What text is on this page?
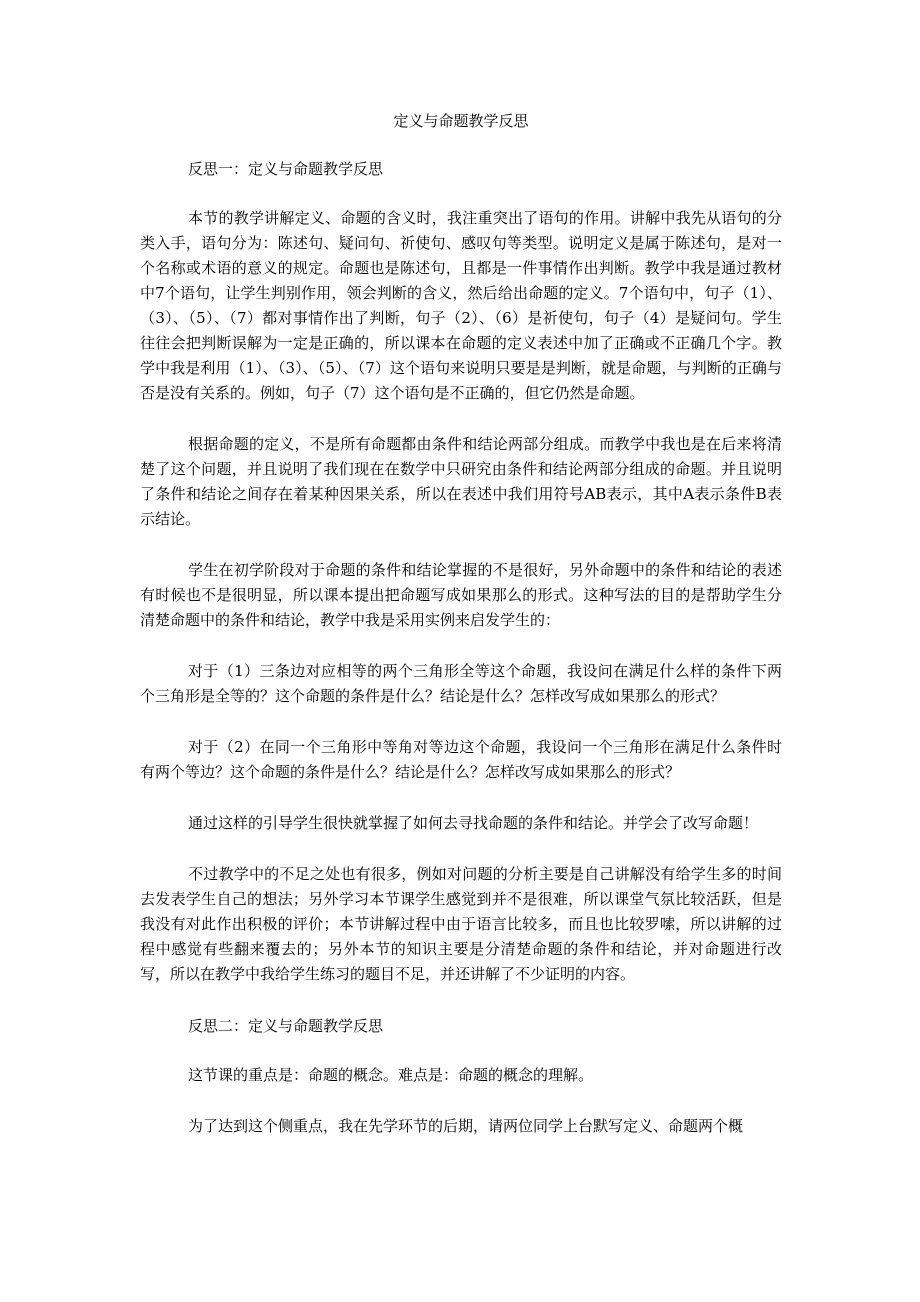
定义与命题教学反思
反思一：定义与命题教学反思

本节的教学讲解定义、命题的含义时，我注重突出了语句的作用。讲解中我先从语句的分类入手，语句分为：陈述句、疑问句、祈使句、感叹句等类型。说明定义是属于陈述句，是对一个名称或术语的意义的规定。命题也是陈述句，且都是一件事情作出判断。教学中我是通过教材中7个语句，让学生判别作用，领会判断的含义，然后给出命题的定义。7个语句中，句子（1）、（3）、（5）、（7）都对事情作出了判断，句子（2）、（6）是祈使句，句子（4）是疑问句。学生往往会把判断误解为一定是正确的，所以课本在命题的定义表述中加了正确或不正确几个字。教学中我是利用（1）、（3）、（5）、（7）这个语句来说明只要是是判断，就是命题，与判断的正确与否是没有关系的。例如，句子（7）这个语句是不正确的，但它仍然是命题。

根据命题的定义，不是所有命题都由条件和结论两部分组成。而教学中我也是在后来将清楚了这个问题，并且说明了我们现在在数学中只研究由条件和结论两部分组成的命题。并且说明了条件和结论之间存在着某种因果关系，所以在表述中我们用符号AB表示，其中A表示条件B表示结论。

学生在初学阶段对于命题的条件和结论掌握的不是很好，另外命题中的条件和结论的表述有时候也不是很明显，所以课本提出把命题写成如果那么的形式。这种写法的目的是帮助学生分清楚命题中的条件和结论，教学中我是采用实例来启发学生的：

对于（1）三条边对应相等的两个三角形全等这个命题，我设问在满足什么样的条件下两个三角形是全等的？这个命题的条件是什么？结论是什么？怎样改写成如果那么的形式？

对于（2）在同一个三角形中等角对等边这个命题，我设问一个三角形在满足什么条件时有两个等边？这个命题的条件是什么？结论是什么？怎样改写成如果那么的形式？

通过这样的引导学生很快就掌握了如何去寻找命题的条件和结论。并学会了改写命题！

不过教学中的不足之处也有很多，例如对问题的分析主要是自己讲解没有给学生多的时间去发表学生自己的想法；另外学习本节课学生感觉到并不是很难，所以课堂气氛比较活跃，但是我没有对此作出积极的评价；本节讲解过程中由于语言比较多，而且也比较罗嗦，所以讲解的过程中感觉有些翻来覆去的；另外本节的知识主要是分清楚命题的条件和结论，并对命题进行改写，所以在教学中我给学生练习的题目不足，并还讲解了不少证明的内容。

反思二：定义与命题教学反思

这节课的重点是：命题的概念。难点是：命题的概念的理解。

为了达到这个侧重点，我在先学环节的后期，请两位同学上台默写定义、命题两个概
